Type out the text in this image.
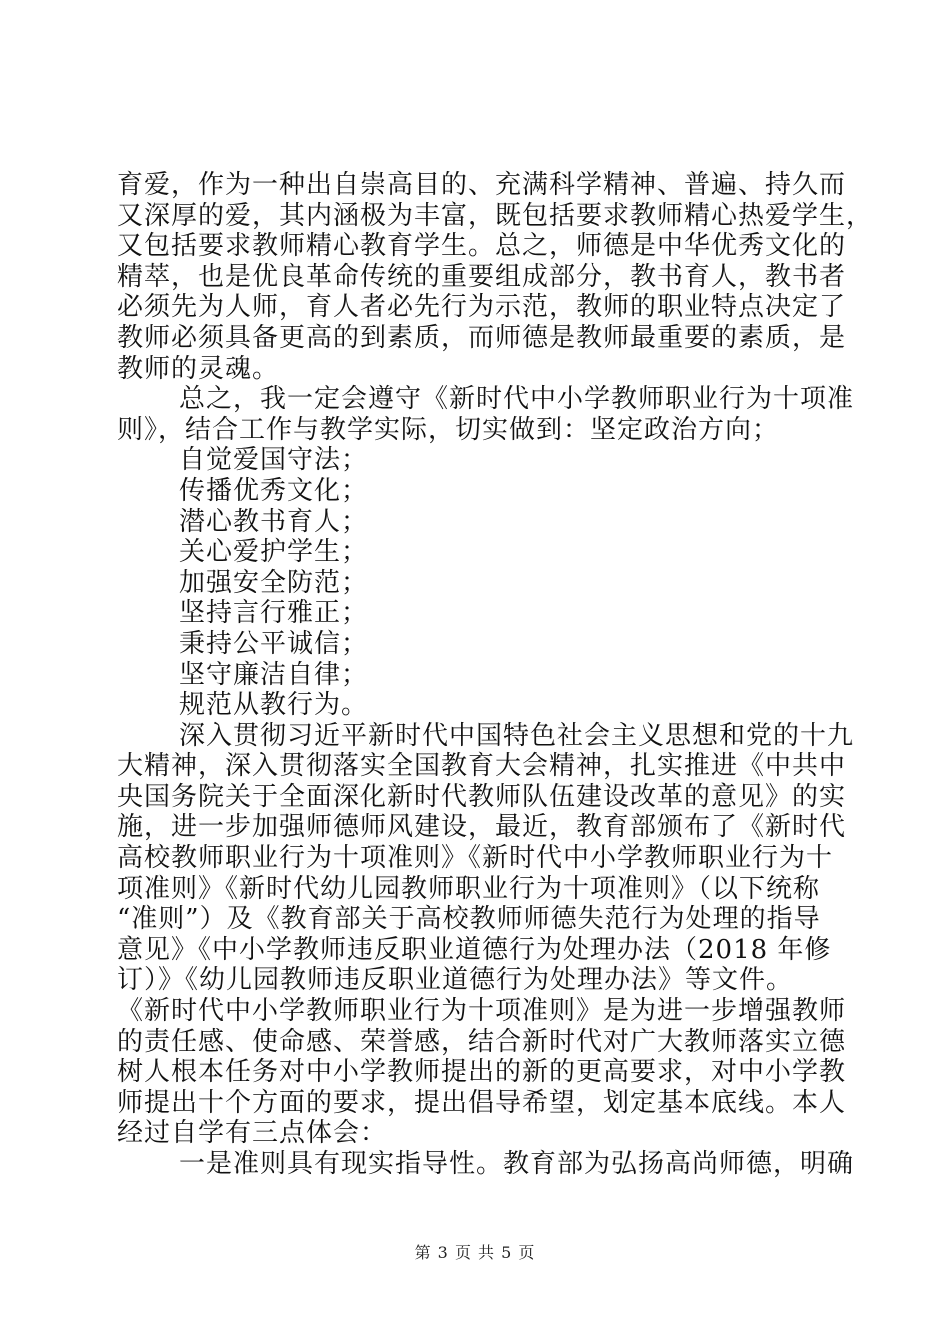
育爱，作为一种出自崇高目的、充满科学精神、普遍、持久而
又深厚的爱，其内涵极为丰富，既包括要求教师精心热爱学生，
又包括要求教师精心教育学生。总之，师德是中华优秀文化的
精萃，也是优良革命传统的重要组成部分，教书育人，教书者
必须先为人师，育人者必先行为示范，教师的职业特点决定了
教师必须具备更高的到素质，而师德是教师最重要的素质，是
教师的灵魂。
总之，我一定会遵守《新时代中小学教师职业行为十项准
则》，结合工作与教学实际，切实做到：坚定政治方向；
自觉爱国守法；
传播优秀文化；
潜心教书育人；
关心爱护学生；
加强安全防范；
坚持言行雅正；
秉持公平诚信；
坚守廉洁自律；
规范从教行为。
深入贯彻习近平新时代中国特色社会主义思想和党的十九
大精神，深入贯彻落实全国教育大会精神，扎实推进《中共中
央国务院关于全面深化新时代教师队伍建设改革的意见》的实
施，进一步加强师德师风建设，最近，教育部颁布了《新时代
高校教师职业行为十项准则》《新时代中小学教师职业行为十
项准则》《新时代幼儿园教师职业行为十项准则》（以下统称
“准则”）及《教育部关于高校教师师德失范行为处理的指导
意见》《中小学教师违反职业道德行为处理办法（2018 年修
订）》《幼儿园教师违反职业道德行为处理办法》等文件。
《新时代中小学教师职业行为十项准则》是为进一步增强教师
的责任感、使命感、荣誉感，结合新时代对广大教师落实立德
树人根本任务对中小学教师提出的新的更高要求，对中小学教
师提出十个方面的要求，提出倡导希望，划定基本底线。本人
经过自学有三点体会：
一是准则具有现实指导性。教育部为弘扬高尚师德，明确
第 3 页 共 5 页
